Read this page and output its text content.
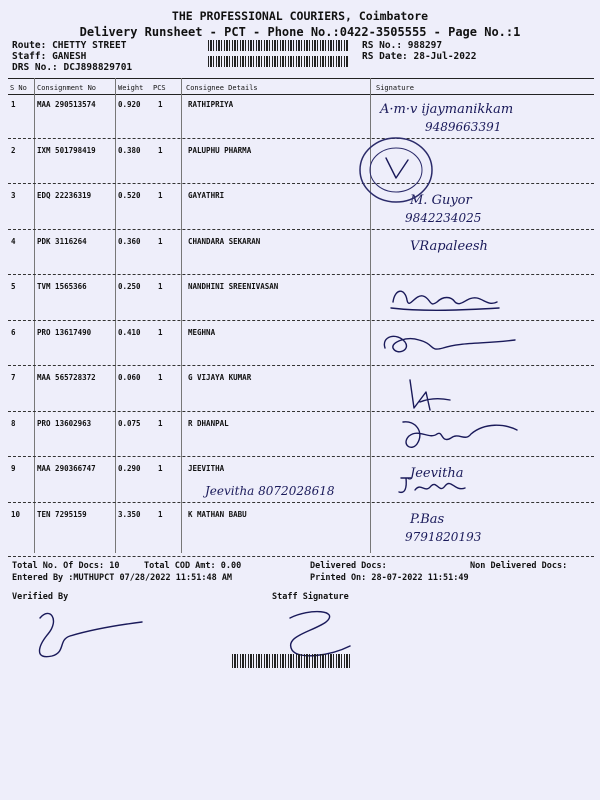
THE PROFESSIONAL COURIERS, Coimbatore
Delivery Runsheet - PCT - Phone No.:0422-3505555 - Page No.:1
Route: CHETTY STREET
Staff: GANESH
DRS No.: DCJ898829701
RS No.: 988297
RS Date: 28-Jul-2022
S No Consignment No	Weight PCS	Consignee Details	Signature
1	MAA 290513574	0.920 1	RATHIPRIYA	A·m·v ijaymanikkam
9489663391
2	IXM 501798419	0.380 1	PALUPHU PHARMA
3	EDQ 22236319	0.520 1	GAYATHRI	M. Guyor
9842234025
4	PDK 3116264	0.360 1	CHANDARA SEKARAN	VRapaleesh
5	TVM 1565366	0.250 1	NANDHINI SREENIVASAN
6	PRO 13617490	0.410 1	MEGHNA
7	MAA 565728372	0.060 1	G VIJAYA KUMAR
8	PRO 13602963	0.075 1	R DHANPAL
9	MAA 290366747	0.290 1	JEEVITHA	Jeevitha
Jeevitha 8072028618
10 TEN 7295159	3.350 1	K MATHAN BABU	P.Bas
9791820193
Total No. Of Docs: 10	Total COD Amt: 0.00	Delivered Docs:	Non Delivered Docs:
Entered By :MUTHUPCT 07/28/2022 11:51:48 AM	Printed On: 28-07-2022 11:51:49
Verified By	Staff Signature
